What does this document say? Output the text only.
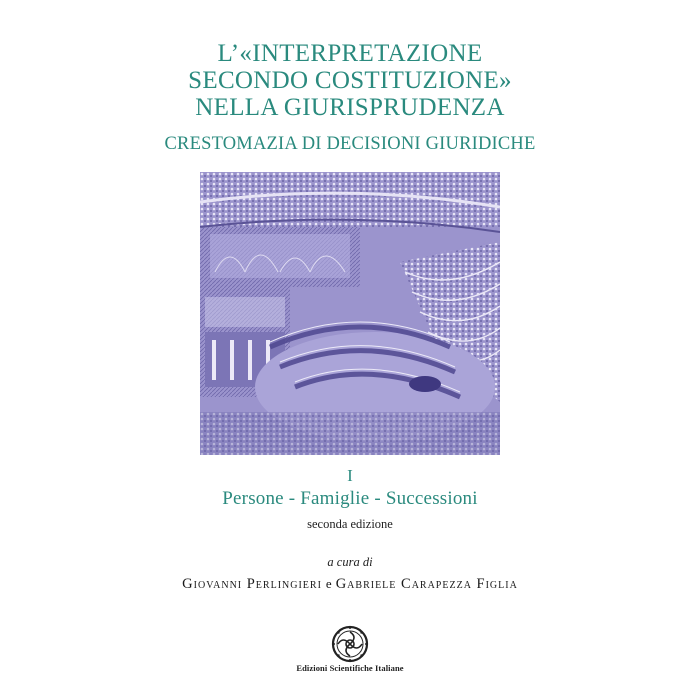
L’«INTERPRETAZIONE
SECONDO COSTITUZIONE»
NELLA GIURISPRUDENZA
CRESTOMAZIA DI DECISIONI GIURIDICHE
I
Persone - Famiglie - Successioni
seconda edizione
a cura di
Giovanni Perlingieri e Gabriele Carapezza Figlia
Edizioni Scientifiche Italiane
